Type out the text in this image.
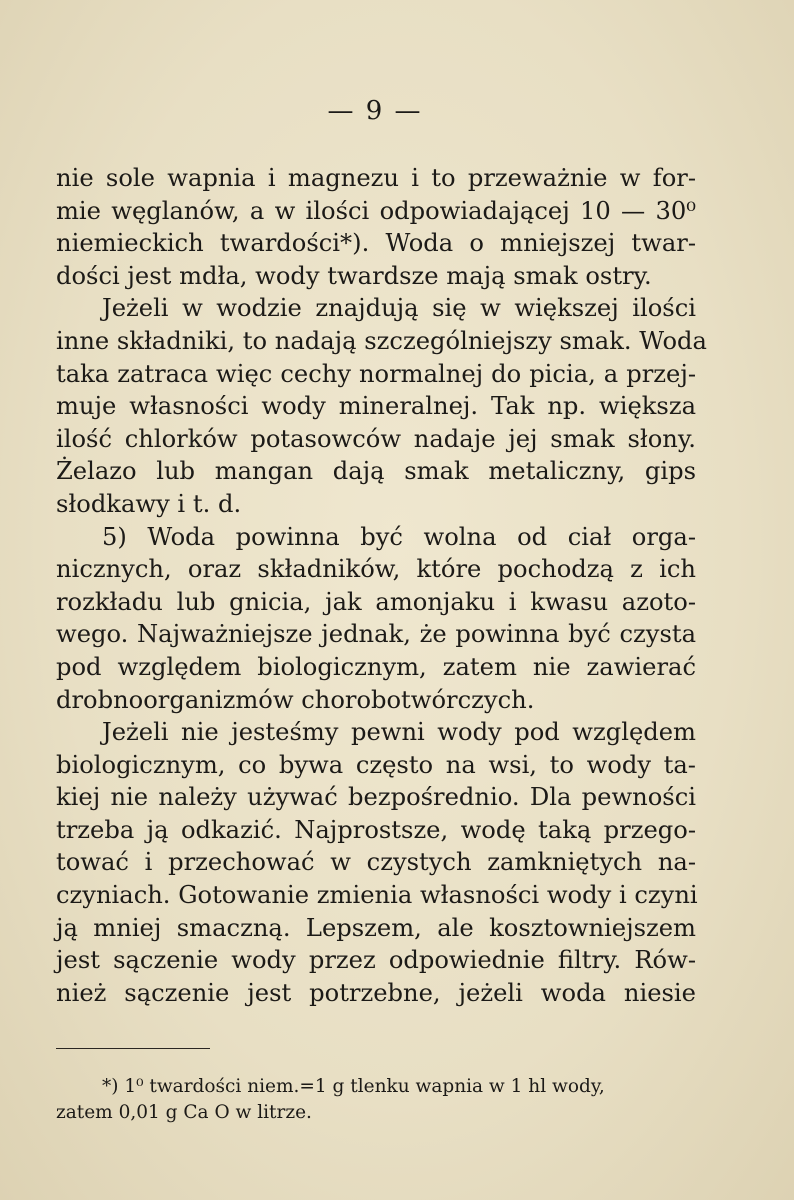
— 9 —
nie sole wapnia i magnezu i to przeważnie w for-
mie węglanów, a w ilości odpowiadającej 10 — 30⁰
niemieckich twardości*). Woda o mniejszej twar-
dości jest mdła, wody twardsze mają smak ostry.
Jeżeli w wodzie znajdują się w większej ilości
inne składniki, to nadają szczególniejszy smak. Woda
taka zatraca więc cechy normalnej do picia, a przej-
muje własności wody mineralnej. Tak np. większa
ilość chlorków potasowców nadaje jej smak słony.
Żelazo lub mangan dają smak metaliczny, gips
słodkawy i t. d.
5) Woda powinna być wolna od ciał orga-
nicznych, oraz składników, które pochodzą z ich
rozkładu lub gnicia, jak amonjaku i kwasu azoto-
wego. Najważniejsze jednak, że powinna być czysta
pod względem biologicznym, zatem nie zawierać
drobnoorganizmów chorobotwórczych.
Jeżeli nie jesteśmy pewni wody pod względem
biologicznym, co bywa często na wsi, to wody ta-
kiej nie należy używać bezpośrednio. Dla pewności
trzeba ją odkazić. Najprostsze, wodę taką przego-
tować i przechować w czystych zamkniętych na-
czyniach. Gotowanie zmienia własności wody i czyni
ją mniej smaczną. Lepszem, ale kosztowniejszem
jest sączenie wody przez odpowiednie filtry. Rów-
nież sączenie jest potrzebne, jeżeli woda niesie
*) 1⁰ twardości niem.=1 g tlenku wapnia w 1 hl wody,
zatem 0,01 g Ca O w litrze.
